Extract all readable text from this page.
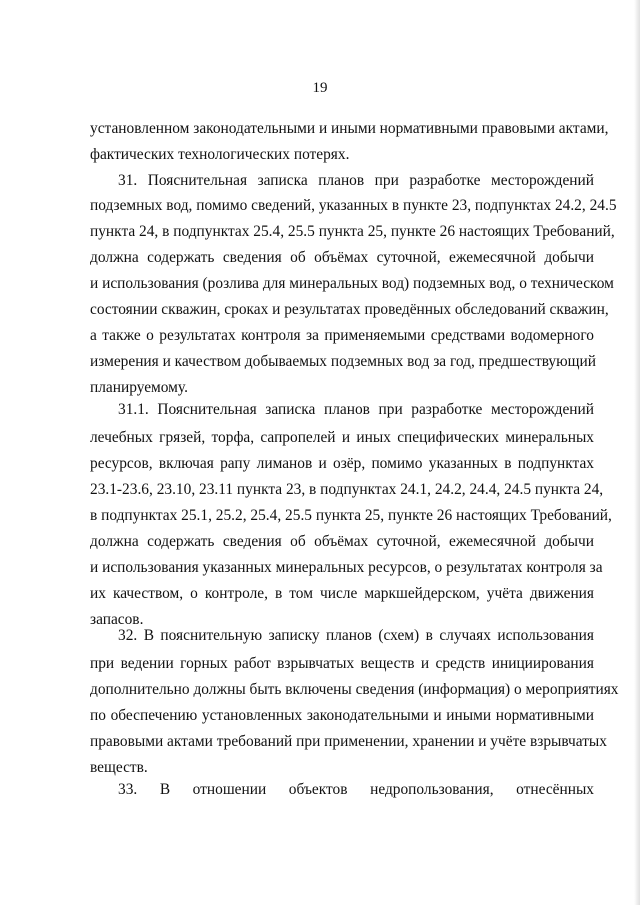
19
установленном законодательными и иными нормативными правовыми актами,
фактических технологических потерях.
31. Пояснительная записка планов при разработке месторождений
подземных вод, помимо сведений, указанных в пункте 23, подпунктах 24.2, 24.5
пункта 24, в подпунктах 25.4, 25.5 пункта 25, пункте 26 настоящих Требований,
должна содержать сведения об объёмах суточной, ежемесячной добычи
и использования (розлива для минеральных вод) подземных вод, о техническом
состоянии скважин, сроках и результатах проведённых обследований скважин,
а также о результатах контроля за применяемыми средствами водомерного
измерения и качеством добываемых подземных вод за год, предшествующий
планируемому.
31.1. Пояснительная записка планов при разработке месторождений
лечебных грязей, торфа, сапропелей и иных специфических минеральных
ресурсов, включая рапу лиманов и озёр, помимо указанных в подпунктах
23.1-23.6, 23.10, 23.11 пункта 23, в подпунктах 24.1, 24.2, 24.4, 24.5 пункта 24,
в подпунктах 25.1, 25.2, 25.4, 25.5 пункта 25, пункте 26 настоящих Требований,
должна содержать сведения об объёмах суточной, ежемесячной добычи
и использования указанных минеральных ресурсов, о результатах контроля за
их качеством, о контроле, в том числе маркшейдерском, учёта движения
запасов.
32. В пояснительную записку планов (схем) в случаях использования
при ведении горных работ взрывчатых веществ и средств инициирования
дополнительно должны быть включены сведения (информация) о мероприятиях
по обеспечению установленных законодательными и иными нормативными
правовыми актами требований при применении, хранении и учёте взрывчатых
веществ.
33. В отношении объектов недропользования, отнесённых
